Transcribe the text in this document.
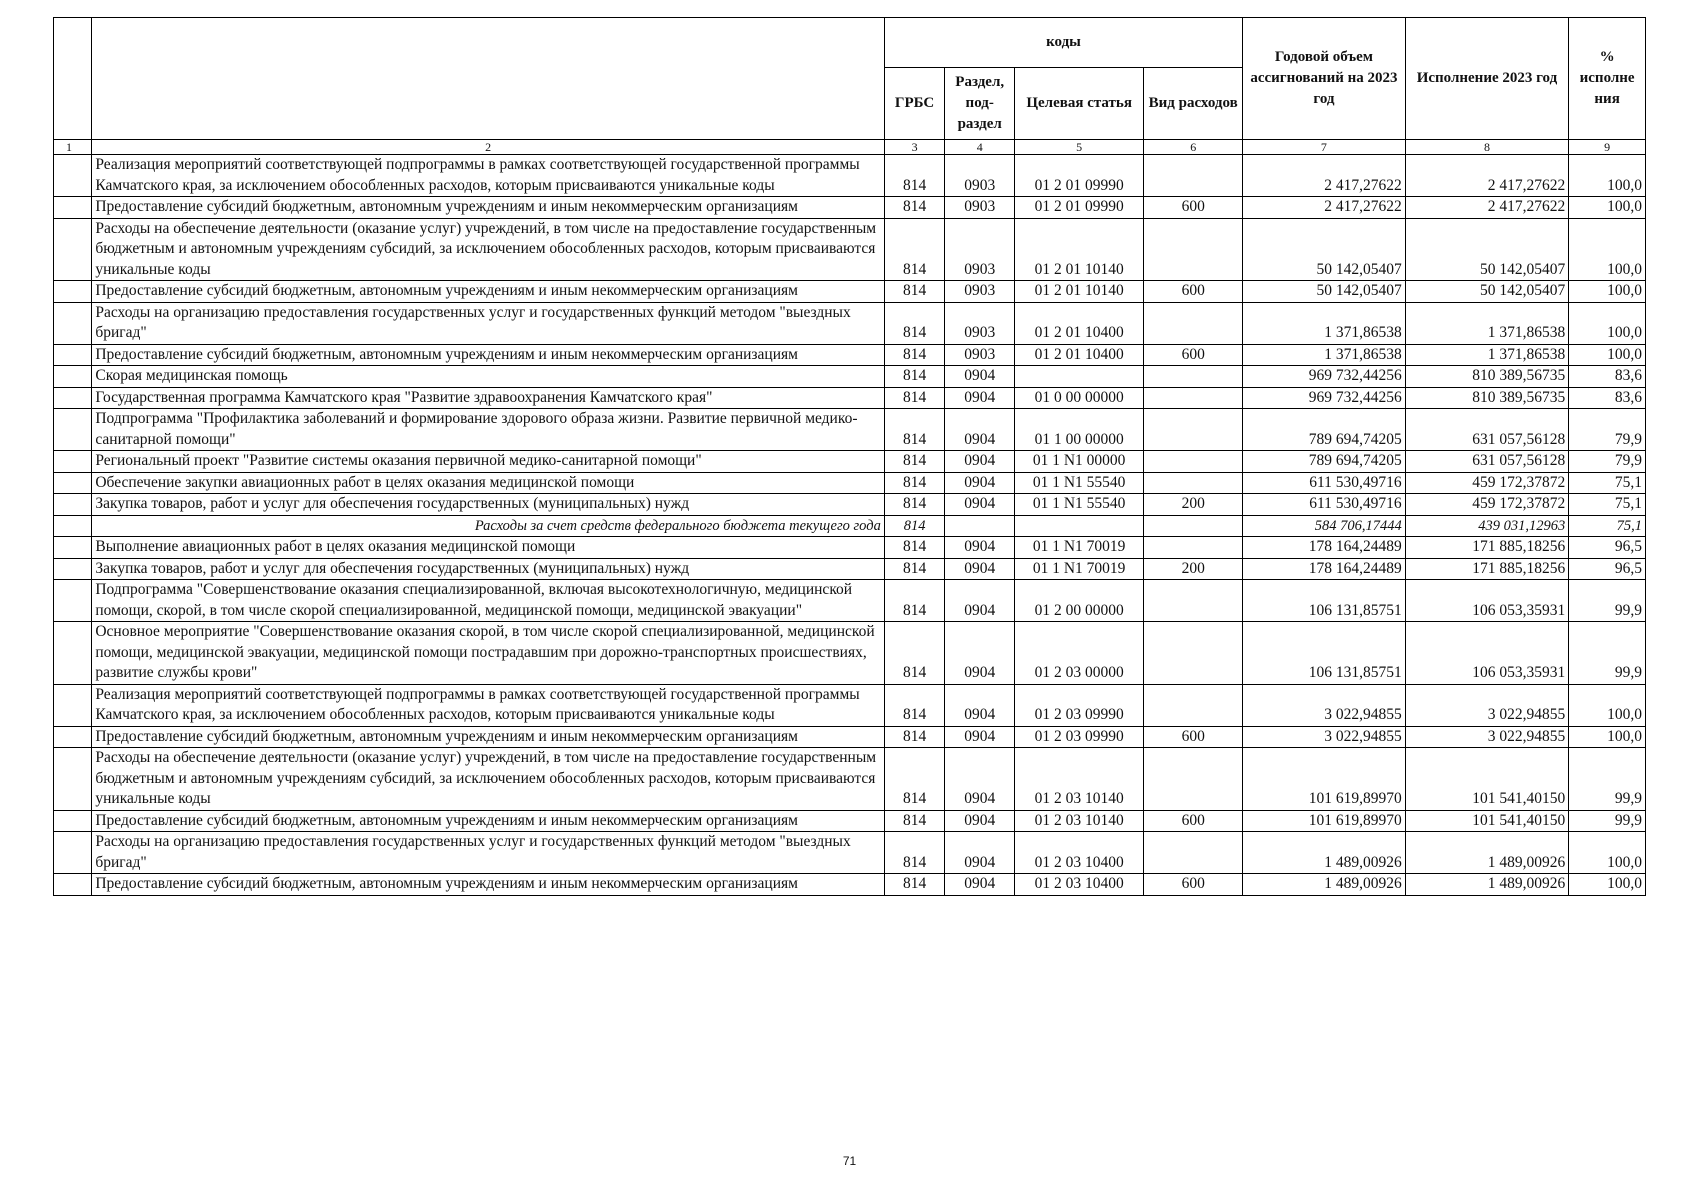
		коды				Годовой объем ассигнований на 2023 год	Исполнение 2023 год	% исполне ния
		ГРБС	Раздел, под-раздел	Целевая статья	Вид расходов			
1	2	3	4	5	6	7	8	9
	Реализация мероприятий соответствующей подпрограммы в рамках соответствующей государственной программы Камчатского края, за исключением обособленных расходов, которым присваиваются уникальные коды	814	0903	01 2 01 09990		2 417,27622	2 417,27622	100,0
	Предоставление субсидий бюджетным, автономным учреждениям и иным некоммерческим организациям	814	0903	01 2 01 09990	600	2 417,27622	2 417,27622	100,0
	Расходы на обеспечение деятельности (оказание услуг) учреждений, в том числе на предоставление государственным бюджетным и автономным учреждениям субсидий, за исключением обособленных расходов, которым присваиваются уникальные коды	814	0903	01 2 01 10140		50 142,05407	50 142,05407	100,0
	Предоставление субсидий бюджетным, автономным учреждениям и иным некоммерческим организациям	814	0903	01 2 01 10140	600	50 142,05407	50 142,05407	100,0
	Расходы на организацию предоставления государственных услуг и государственных функций методом "выездных бригад"	814	0903	01 2 01 10400		1 371,86538	1 371,86538	100,0
	Предоставление субсидий бюджетным, автономным учреждениям и иным некоммерческим организациям	814	0903	01 2 01 10400	600	1 371,86538	1 371,86538	100,0
	Скорая медицинская помощь	814	0904			969 732,44256	810 389,56735	83,6
	Государственная программа Камчатского края "Развитие здравоохранения Камчатского края"	814	0904	01 0 00 00000		969 732,44256	810 389,56735	83,6
	Подпрограмма "Профилактика заболеваний и формирование здорового образа жизни. Развитие первичной медико-санитарной помощи"	814	0904	01 1 00 00000		789 694,74205	631 057,56128	79,9
	Региональный проект "Развитие системы оказания первичной медико-санитарной помощи"	814	0904	01 1 N1 00000		789 694,74205	631 057,56128	79,9
	Обеспечение закупки авиационных работ в целях оказания медицинской помощи	814	0904	01 1 N1 55540		611 530,49716	459 172,37872	75,1
	Закупка товаров, работ и услуг для обеспечения государственных (муниципальных) нужд	814	0904	01 1 N1 55540	200	611 530,49716	459 172,37872	75,1
	Расходы за счет средств федерального бюджета текущего года	814				584 706,17444	439 031,12963	75,1
	Выполнение авиационных работ в целях оказания медицинской помощи	814	0904	01 1 N1 70019		178 164,24489	171 885,18256	96,5
	Закупка товаров, работ и услуг для обеспечения государственных (муниципальных) нужд	814	0904	01 1 N1 70019	200	178 164,24489	171 885,18256	96,5
	Подпрограмма "Совершенствование оказания специализированной, включая высокотехнологичную, медицинской помощи, скорой, в том числе скорой специализированной, медицинской помощи, медицинской эвакуации"	814	0904	01 2 00 00000		106 131,85751	106 053,35931	99,9
	Основное мероприятие "Совершенствование оказания скорой, в том числе скорой специализированной, медицинской помощи, медицинской эвакуации, медицинской помощи пострадавшим при дорожно-транспортных происшествиях, развитие службы крови"	814	0904	01 2 03 00000		106 131,85751	106 053,35931	99,9
	Реализация мероприятий соответствующей подпрограммы в рамках соответствующей государственной программы Камчатского края, за исключением обособленных расходов, которым присваиваются уникальные коды	814	0904	01 2 03 09990		3 022,94855	3 022,94855	100,0
	Предоставление субсидий бюджетным, автономным учреждениям и иным некоммерческим организациям	814	0904	01 2 03 09990	600	3 022,94855	3 022,94855	100,0
	Расходы на обеспечение деятельности (оказание услуг) учреждений, в том числе на предоставление государственным бюджетным и автономным учреждениям субсидий, за исключением обособленных расходов, которым присваиваются уникальные коды	814	0904	01 2 03 10140		101 619,89970	101 541,40150	99,9
	Предоставление субсидий бюджетным, автономным учреждениям и иным некоммерческим организациям	814	0904	01 2 03 10140	600	101 619,89970	101 541,40150	99,9
	Расходы на организацию предоставления государственных услуг и государственных функций методом "выездных бригад"	814	0904	01 2 03 10400		1 489,00926	1 489,00926	100,0
	Предоставление субсидий бюджетным, автономным учреждениям и иным некоммерческим организациям	814	0904	01 2 03 10400	600	1 489,00926	1 489,00926	100,0
71
